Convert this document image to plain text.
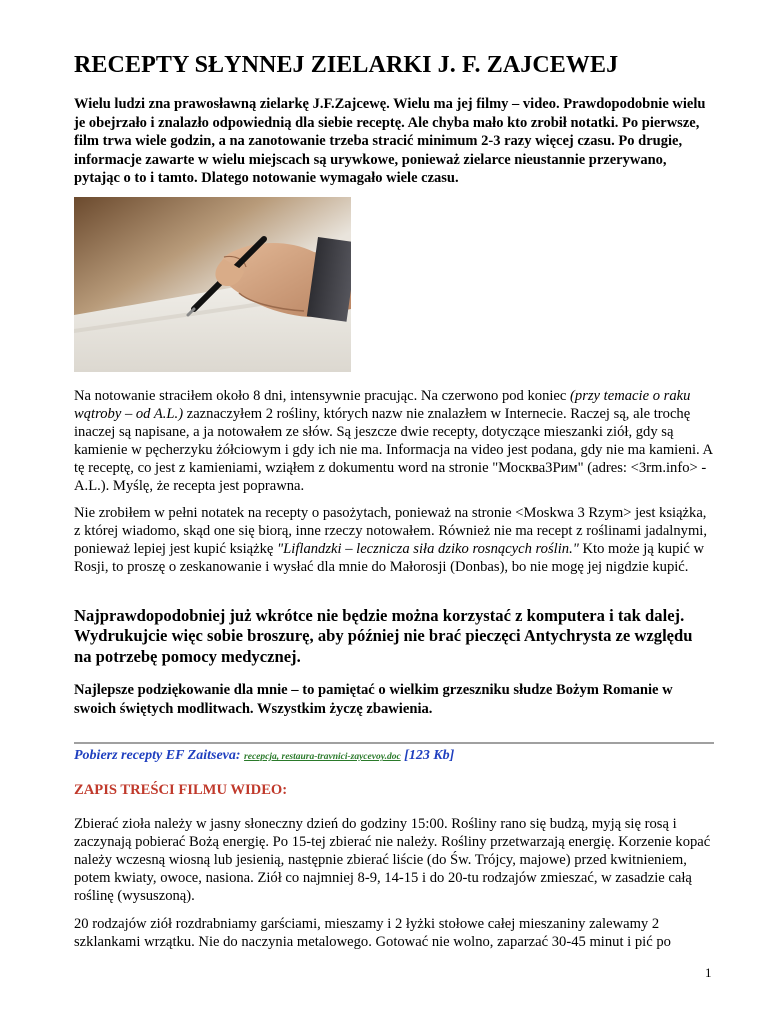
RECEPTY SŁYNNEJ ZIELARKI J. F. ZAJCEWEJ

Wielu ludzi zna prawosławną zielarkę J.F.Zajcewę. Wielu ma jej filmy – video. Prawdopodobnie wielu je obejrzało i znalazło odpowiednią dla siebie receptę. Ale chyba mało kto zrobił notatki. Po pierwsze, film trwa wiele godzin, a na zanotowanie trzeba stracić minimum 2-3 razy więcej czasu. Po drugie, informacje zawarte w wielu miejscach są urywkowe, ponieważ zielarce nieustannie przerywano, pytając o to i tamto. Dlatego notowanie wymagało wiele czasu.

Na notowanie straciłem około 8 dni, intensywnie pracując. Na czerwono pod koniec (przy temacie o raku wątroby – od A.L.) zaznaczyłem 2 rośliny, których nazw nie znalazłem w Internecie. Raczej są, ale trochę inaczej są napisane, a ja notowałem ze słów. Są jeszcze dwie recepty, dotyczące mieszanki ziół, gdy są kamienie w pęcherzyku żółciowym i gdy ich nie ma. Informacja na video jest podana, gdy nie ma kamieni. A tę receptę, co jest z kamieniami, wziąłem z dokumentu word na stronie "Москва3Рим" (adres: <3rm.info> - A.L.). Myślę, że recepta jest poprawna.

Nie zrobiłem w pełni notatek na recepty o pasożytach, ponieważ na stronie <Moskwa 3 Rzym> jest książka, z której wiadomo, skąd one się biorą, inne rzeczy notowałem. Również nie ma recept z roślinami jadalnymi, ponieważ lepiej jest kupić książkę "Liflandzki – lecznicza siła dziko rosnących roślin." Kto może ją kupić w Rosji, to proszę o zeskanowanie i wysłać dla mnie do Małorosji (Donbas), bo nie mogę jej nigdzie kupić.

Najprawdopodobniej już wkrótce nie będzie można korzystać z komputera i tak dalej. Wydrukujcie więc sobie broszurę, aby później nie brać pieczęci Antychrysta ze względu na potrzebę pomocy medycznej.

Najlepsze podziękowanie dla mnie – to pamiętać o wielkim grzeszniku słudze Bożym Romanie w swoich świętych modlitwach. Wszystkim życzę zbawienia.

Pobierz recepty EF Zaitseva: recepcja, restaura-travnici-zaycevoy.doc [123 Kb]

ZAPIS TREŚCI FILMU WIDEO:

Zbierać zioła należy w jasny słoneczny dzień do godziny 15:00. Rośliny rano się budzą, myją się rosą i zaczynają pobierać Bożą energię. Po 15-tej zbierać nie należy. Rośliny przetwarzają energię. Korzenie kopać należy wczesną wiosną lub jesienią, następnie zbierać liście (do Św. Trójcy, majowe) przed kwitnieniem, potem kwiaty, owoce, nasiona. Ziół co najmniej 8-9, 14-15 i do 20-tu rodzajów zmieszać, w zasadzie całą roślinę (wysuszoną).

20 rodzajów ziół rozdrabniamy garściami, mieszamy i 2 łyżki stołowe całej mieszaniny zalewamy 2 szklankami wrzątku. Nie do naczynia metalowego. Gotować nie wolno, zaparzać 30-45 minut i pić po

1
